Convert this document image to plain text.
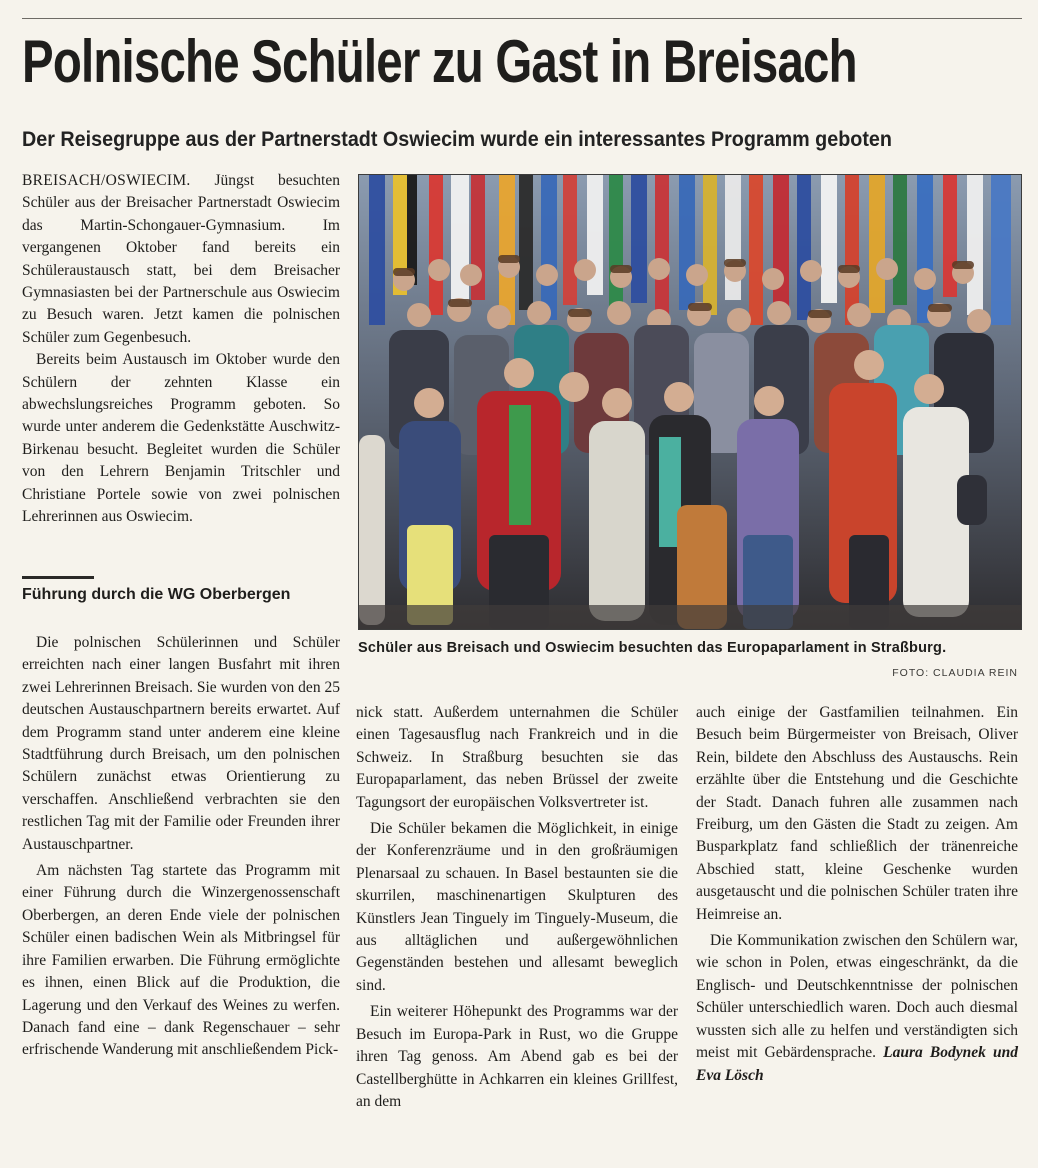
Polnische Schüler zu Gast in Breisach
Der Reisegruppe aus der Partnerstadt Oswiecim wurde ein interessantes Programm geboten

BREISACH/OSWIECIM. Jüngst besuchten Schüler aus der Breisacher Partnerstadt Oswiecim das Martin-Schongauer-Gymnasium. Im vergangenen Oktober fand bereits ein Schüleraustausch statt, bei dem Breisacher Gymnasiasten bei der Partnerschule aus Oswiecim zu Besuch waren. Jetzt kamen die polnischen Schüler zum Gegenbesuch.

Bereits beim Austausch im Oktober wurde den Schülern der zehnten Klasse ein abwechslungsreiches Programm geboten. So wurde unter anderem die Gedenkstätte Auschwitz-Birkenau besucht. Begleitet wurden die Schüler von den Lehrern Benjamin Tritschler und Christiane Portele sowie von zwei polnischen Lehrerinnen aus Oswiecim.

Führung durch die WG Oberbergen

Die polnischen Schülerinnen und Schüler erreichten nach einer langen Busfahrt mit ihren zwei Lehrerinnen Breisach. Sie wurden von den 25 deutschen Austauschpartnern bereits erwartet. Auf dem Programm stand unter anderem eine kleine Stadtführung durch Breisach, um den polnischen Schülern zunächst etwas Orientierung zu verschaffen. Anschließend verbrachten sie den restlichen Tag mit der Familie oder Freunden ihrer Austauschpartner.

Am nächsten Tag startete das Programm mit einer Führung durch die Winzergenossenschaft Oberbergen, an deren Ende viele der polnischen Schüler einen badischen Wein als Mitbringsel für ihre Familien erwarben. Die Führung ermöglichte es ihnen, einen Blick auf die Produktion, die Lagerung und den Verkauf des Weines zu werfen. Danach fand eine – dank Regenschauer – sehr erfrischende Wanderung mit anschließendem Pick-

Schüler aus Breisach und Oswiecim besuchten das Europaparlament in Straßburg.

FOTO: CLAUDIA REIN

nick statt. Außerdem unternahmen die Schüler einen Tagesausflug nach Frankreich und in die Schweiz. In Straßburg besuchten sie das Europaparlament, das neben Brüssel der zweite Tagungsort der europäischen Volksvertreter ist.

Die Schüler bekamen die Möglichkeit, in einige der Konferenzräume und in den großräumigen Plenarsaal zu schauen. In Basel bestaunten sie die skurrilen, maschinenartigen Skulpturen des Künstlers Jean Tinguely im Tinguely-Museum, die aus alltäglichen und außergewöhnlichen Gegenständen bestehen und allesamt beweglich sind.

Ein weiterer Höhepunkt des Programms war der Besuch im Europa-Park in Rust, wo die Gruppe ihren Tag genoss. Am Abend gab es bei der Castellberghütte in Achkarren ein kleines Grillfest, an dem

auch einige der Gastfamilien teilnahmen. Ein Besuch beim Bürgermeister von Breisach, Oliver Rein, bildete den Abschluss des Austauschs. Rein erzählte über die Entstehung und die Geschichte der Stadt. Danach fuhren alle zusammen nach Freiburg, um den Gästen die Stadt zu zeigen. Am Busparkplatz fand schließlich der tränenreiche Abschied statt, kleine Geschenke wurden ausgetauscht und die polnischen Schüler traten ihre Heimreise an.

Die Kommunikation zwischen den Schülern war, wie schon in Polen, etwas eingeschränkt, da die Englisch- und Deutschkenntnisse der polnischen Schüler unterschiedlich waren. Doch auch diesmal wussten sich alle zu helfen und verständigten sich meist mit Gebärdensprache. Laura Bodynek und Eva Lösch
